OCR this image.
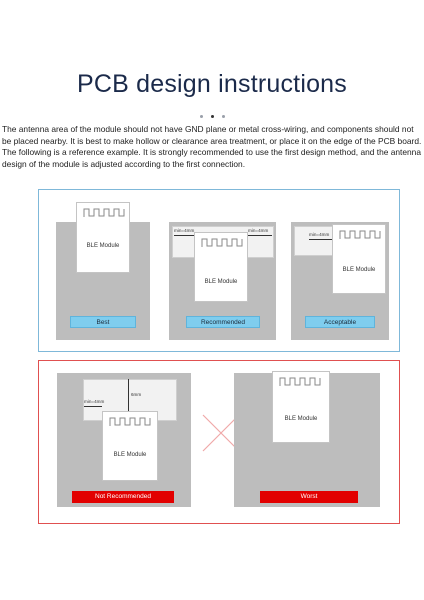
PCB design instructions

The antenna area of the module should not have GND plane or metal cross-wiring, and components should not be placed nearby. It is best to make hollow or clearance area treatment, or place it on the edge of the PCB board. The following is a reference example. It is strongly recommended to use the first design method, and the antenna design of the module is adjusted according to the first connection.

Best
BLE Module
Recommended
BLE Module
min=4mm	min=4mm
Acceptable
BLE Module
min=4mm
Not Recommended
BLE Module
6mm
min=4mm
Worst
BLE Module
